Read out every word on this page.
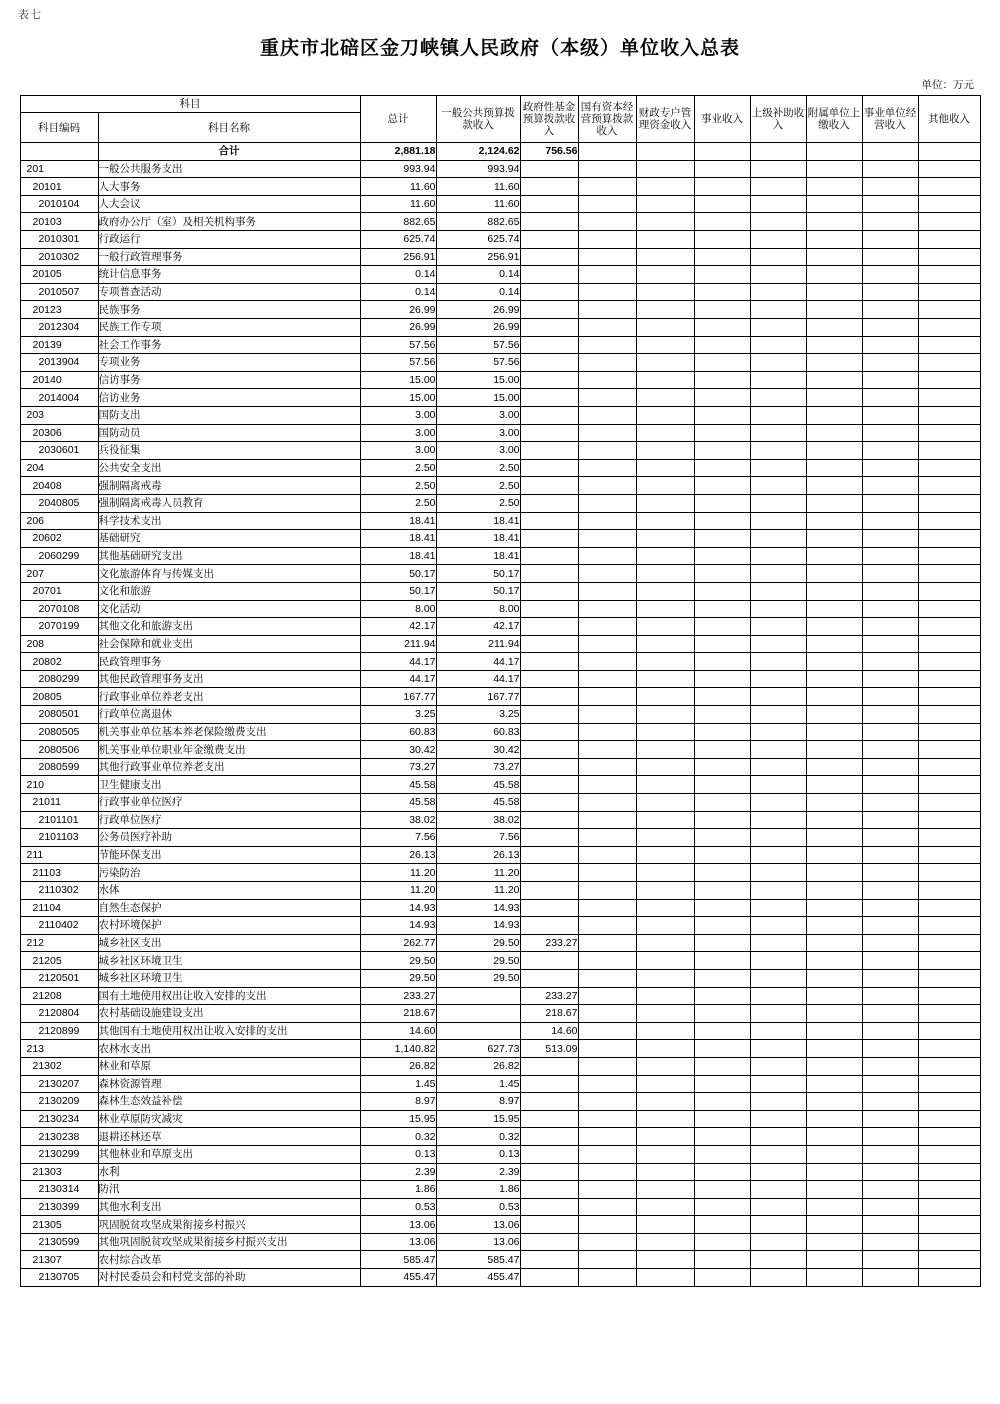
表七
重庆市北碚区金刀峡镇人民政府（本级）单位收入总表
单位：万元
科目		总计	一般公共预算拨款收入	政府性基金预算拨款收入	国有资本经营预算拨款收入	财政专户管理资金收入	事业收入	上级补助收入	附属单位上缴收入	事业单位经营收入	其他收入
科目编码	科目名称										
	合计	2,881.18	2,124.62	756.56							
201	一般公共服务支出	993.94	993.94								
20101	人大事务	11.60	11.60								
2010104	人大会议	11.60	11.60								
20103	政府办公厅（室）及相关机构事务	882.65	882.65								
2010301	行政运行	625.74	625.74								
2010302	一般行政管理事务	256.91	256.91								
20105	统计信息事务	0.14	0.14								
2010507	专项普查活动	0.14	0.14								
20123	民族事务	26.99	26.99								
2012304	民族工作专项	26.99	26.99								
20139	社会工作事务	57.56	57.56								
2013904	专项业务	57.56	57.56								
20140	信访事务	15.00	15.00								
2014004	信访业务	15.00	15.00								
203	国防支出	3.00	3.00								
20306	国防动员	3.00	3.00								
2030601	兵役征集	3.00	3.00								
204	公共安全支出	2.50	2.50								
20408	强制隔离戒毒	2.50	2.50								
2040805	强制隔离戒毒人员教育	2.50	2.50								
206	科学技术支出	18.41	18.41								
20602	基础研究	18.41	18.41								
2060299	其他基础研究支出	18.41	18.41								
207	文化旅游体育与传媒支出	50.17	50.17								
20701	文化和旅游	50.17	50.17								
2070108	文化活动	8.00	8.00								
2070199	其他文化和旅游支出	42.17	42.17								
208	社会保障和就业支出	211.94	211.94								
20802	民政管理事务	44.17	44.17								
2080299	其他民政管理事务支出	44.17	44.17								
20805	行政事业单位养老支出	167.77	167.77								
2080501	行政单位离退休	3.25	3.25								
2080505	机关事业单位基本养老保险缴费支出	60.83	60.83								
2080506	机关事业单位职业年金缴费支出	30.42	30.42								
2080599	其他行政事业单位养老支出	73.27	73.27								
210	卫生健康支出	45.58	45.58								
21011	行政事业单位医疗	45.58	45.58								
2101101	行政单位医疗	38.02	38.02								
2101103	公务员医疗补助	7.56	7.56								
211	节能环保支出	26.13	26.13								
21103	污染防治	11.20	11.20								
2110302	水体	11.20	11.20								
21104	自然生态保护	14.93	14.93								
2110402	农村环境保护	14.93	14.93								
212	城乡社区支出	262.77	29.50	233.27							
21205	城乡社区环境卫生	29.50	29.50								
2120501	城乡社区环境卫生	29.50	29.50								
21208	国有土地使用权出让收入安排的支出	233.27		233.27							
2120804	农村基础设施建设支出	218.67		218.67							
2120899	其他国有土地使用权出让收入安排的支出	14.60		14.60							
213	农林水支出	1,140.82	627.73	513.09							
21302	林业和草原	26.82	26.82								
2130207	森林资源管理	1.45	1.45								
2130209	森林生态效益补偿	8.97	8.97								
2130234	林业草原防灾减灾	15.95	15.95								
2130238	退耕还林还草	0.32	0.32								
2130299	其他林业和草原支出	0.13	0.13								
21303	水利	2.39	2.39								
2130314	防汛	1.86	1.86								
2130399	其他水利支出	0.53	0.53								
21305	巩固脱贫攻坚成果衔接乡村振兴	13.06	13.06								
2130599	其他巩固脱贫攻坚成果衔接乡村振兴支出	13.06	13.06								
21307	农村综合改革	585.47	585.47								
2130705	对村民委员会和村党支部的补助	455.47	455.47								
